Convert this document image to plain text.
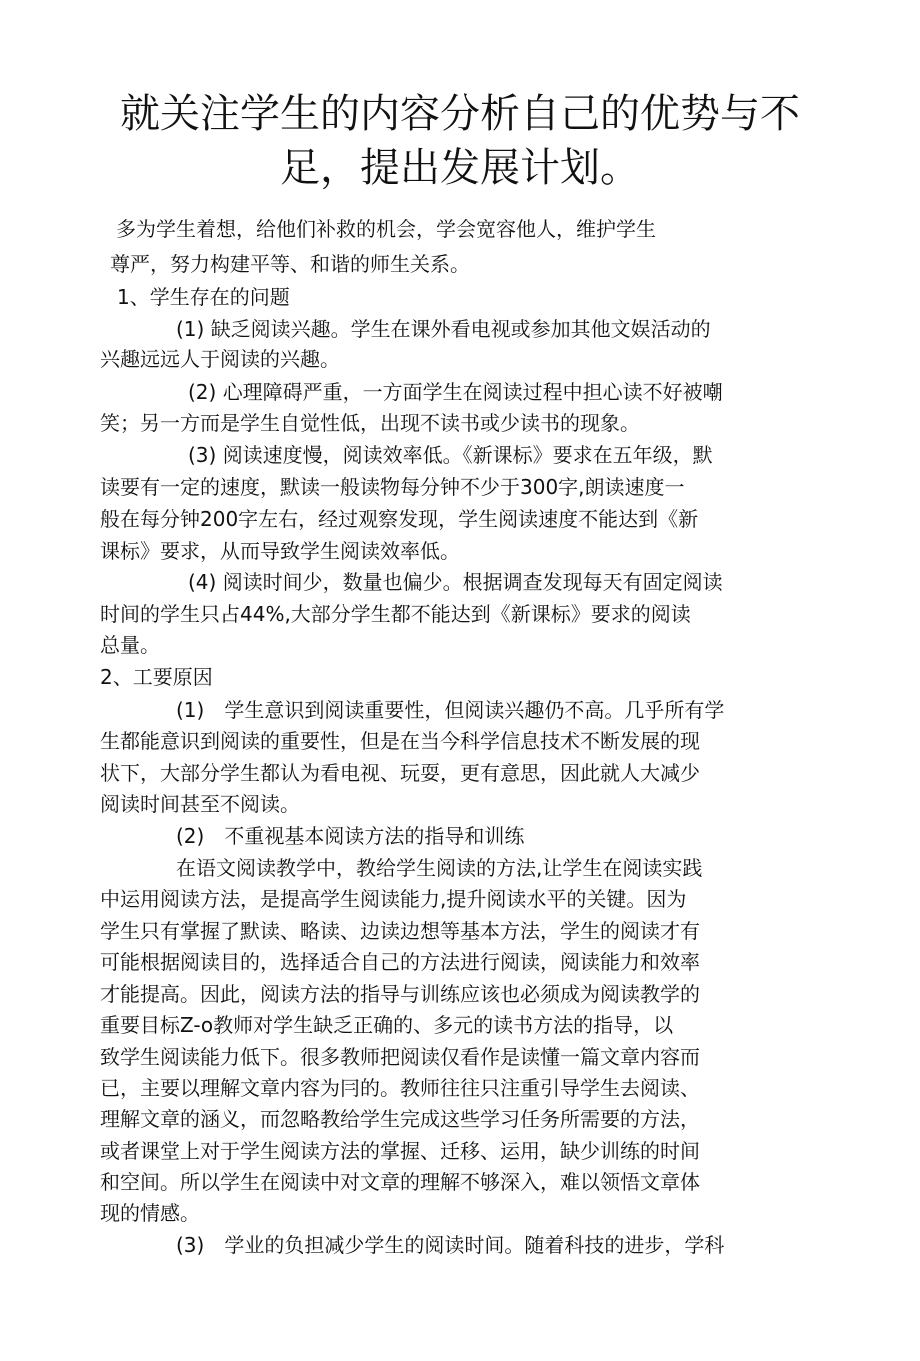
就关注学生的内容分析自己的优势与不
足，提出发展计划。
多为学生着想，给他们补救的机会，学会宽容他人，维护学生
尊严，努力构建平等、和谐的师生关系。
1、学生存在的问题
(1) 缺乏阅读兴趣。学生在课外看电视或参加其他文娱活动的
兴趣远远人于阅读的兴趣。
(2) 心理障碍严重，一方面学生在阅读过程中担心读不好被嘲
笑；另一方而是学生自觉性低，出现不读书或少读书的现象。
(3) 阅读速度慢，阅读效率低。《新课标》要求在五年级，默
读要有一定的速度，默读一般读物每分钟不少于300字,朗读速度一
般在每分钟200字左右，经过观察发现，学生阅读速度不能达到《新
课标》要求，从而导致学生阅读效率低。
(4) 阅读时间少，数量也偏少。根据调查发现每天有固定阅读
时间的学生只占44%,大部分学生都不能达到《新课标》要求的阅读
总量。
2、工要原因
(1)　学生意识到阅读重要性，但阅读兴趣仍不高。几乎所有学
生都能意识到阅读的重要性，但是在当今科学信息技术不断发展的现
状下，大部分学生都认为看电视、玩耍，更有意思，因此就人大减少
阅读时间甚至不阅读。
(2)　不重视基本阅读方法的指导和训练
在语文阅读教学中，教给学生阅读的方法,让学生在阅读实践
中运用阅读方法，是提高学生阅读能力,提升阅读水平的关键。因为
学生只有掌握了默读、略读、边读边想等基本方法，学生的阅读才有
可能根据阅读目的，选择适合自己的方法进行阅读，阅读能力和效率
才能提高。因此，阅读方法的指导与训练应该也必须成为阅读教学的
重要目标Z-o教师对学生缺乏正确的、多元的读书方法的指导，以
致学生阅读能力低下。很多教师把阅读仅看作是读懂一篇文章内容而
已，主要以理解文章内容为冃的。教师往往只注重引导学生去阅读、
理解文章的涵义，而忽略教给学生完成这些学习任务所需要的方法，
或者课堂上对于学生阅读方法的掌握、迁移、运用，缺少训练的时间
和空间。所以学生在阅读中对文章的理解不够深入，难以领悟文章体
现的情感。
(3)　学业的负担减少学生的阅读时间。随着科技的进步，学科
